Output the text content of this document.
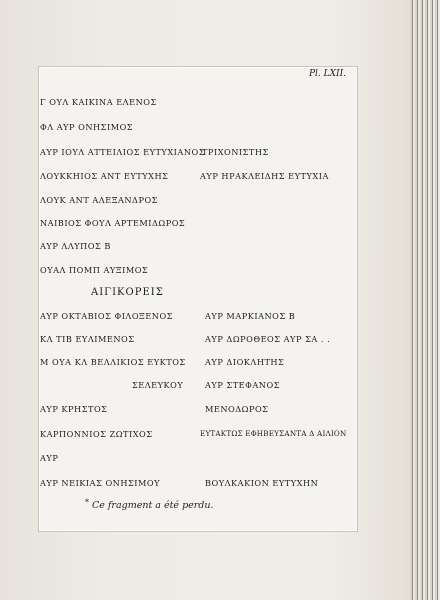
Pl. LXII.
Γ ΟΥΛ ΚΑΙΚΙΝΑ ΕΛΕΝΟΣ
ΦΛ ΑΥΡ ΟΝΗΣΙΜΟΣ
ΑΥΡ ΙΟΥΛ ΑΤΤΕΙΛΙΟΣ ΕΥΤΥΧΙΑΝΟΣ
ΛΟΥΚΚΗΙΟΣ ΑΝΤ ΕΥΤΥΧΗΣ
ΛΟΥΚ ΑΝΤ ΑΛΕΞΑΝΔΡΟΣ
ΝΑΙΒΙΟΣ ΦΟΥΛ ΑΡΤΕΜΙΔΩΡΟΣ
ΑΥΡ ΛΛΥΠΟΣ Β
ΟΥΑΛ ΠΟΜΠ ΑΥΞΙΜΟΣ
ΑΙΓΙΚΟΡΕΙΣ
ΑΥΡ ΟΚΤΑΒΙΟΣ ΦΙΛΟΞΕΝΟΣ
ΚΛ ΤΙΒ ΕΥΛΙΜΕΝΟΣ
Μ ΟΥΑ ΚΛ ΒΕΛΛΙΚΙΟΣ ΕΥΚΤΟΣ
ΣΕΛΕΥΚΟΥ
ΑΥΡ ΚΡΗΣΤΟΣ
ΚΑΡΠΟΝΝΙΟΣ ΖΩΤΙΧΟΣ
ΑΥΡ
ΑΥΡ ΝΕΙΚΙΑΣ ΟΝΗΣΙΜΟΥ
ΤΡΙΧΟΝΙΣΤΗΣ
ΑΥΡ ΗΡΑΚΛΕΙΔΗΣ ΕΥΤΥΧΙΑ
ΑΥΡ ΜΑΡΚΙΑΝΟΣ Β
ΑΥΡ ΔΩΡΟΘΕΟΣ ΑΥΡ ΣΑ . .
ΑΥΡ ΔΙΟΚΛΗΤΗΣ
ΑΥΡ ΣΤΕΦΑΝΟΣ
ΜΕΝΟΔΩΡΟΣ
ΕΥΤΑΚΤΩΣ ΕΦΗΒΕΥΣΑΝΤΑ Δ ΑΙΛΙΟΝ
ΒΟΥΛΚΑΚΙΟΝ ΕΥΤΥΧΗΝ
* Ce fragment a été perdu.
